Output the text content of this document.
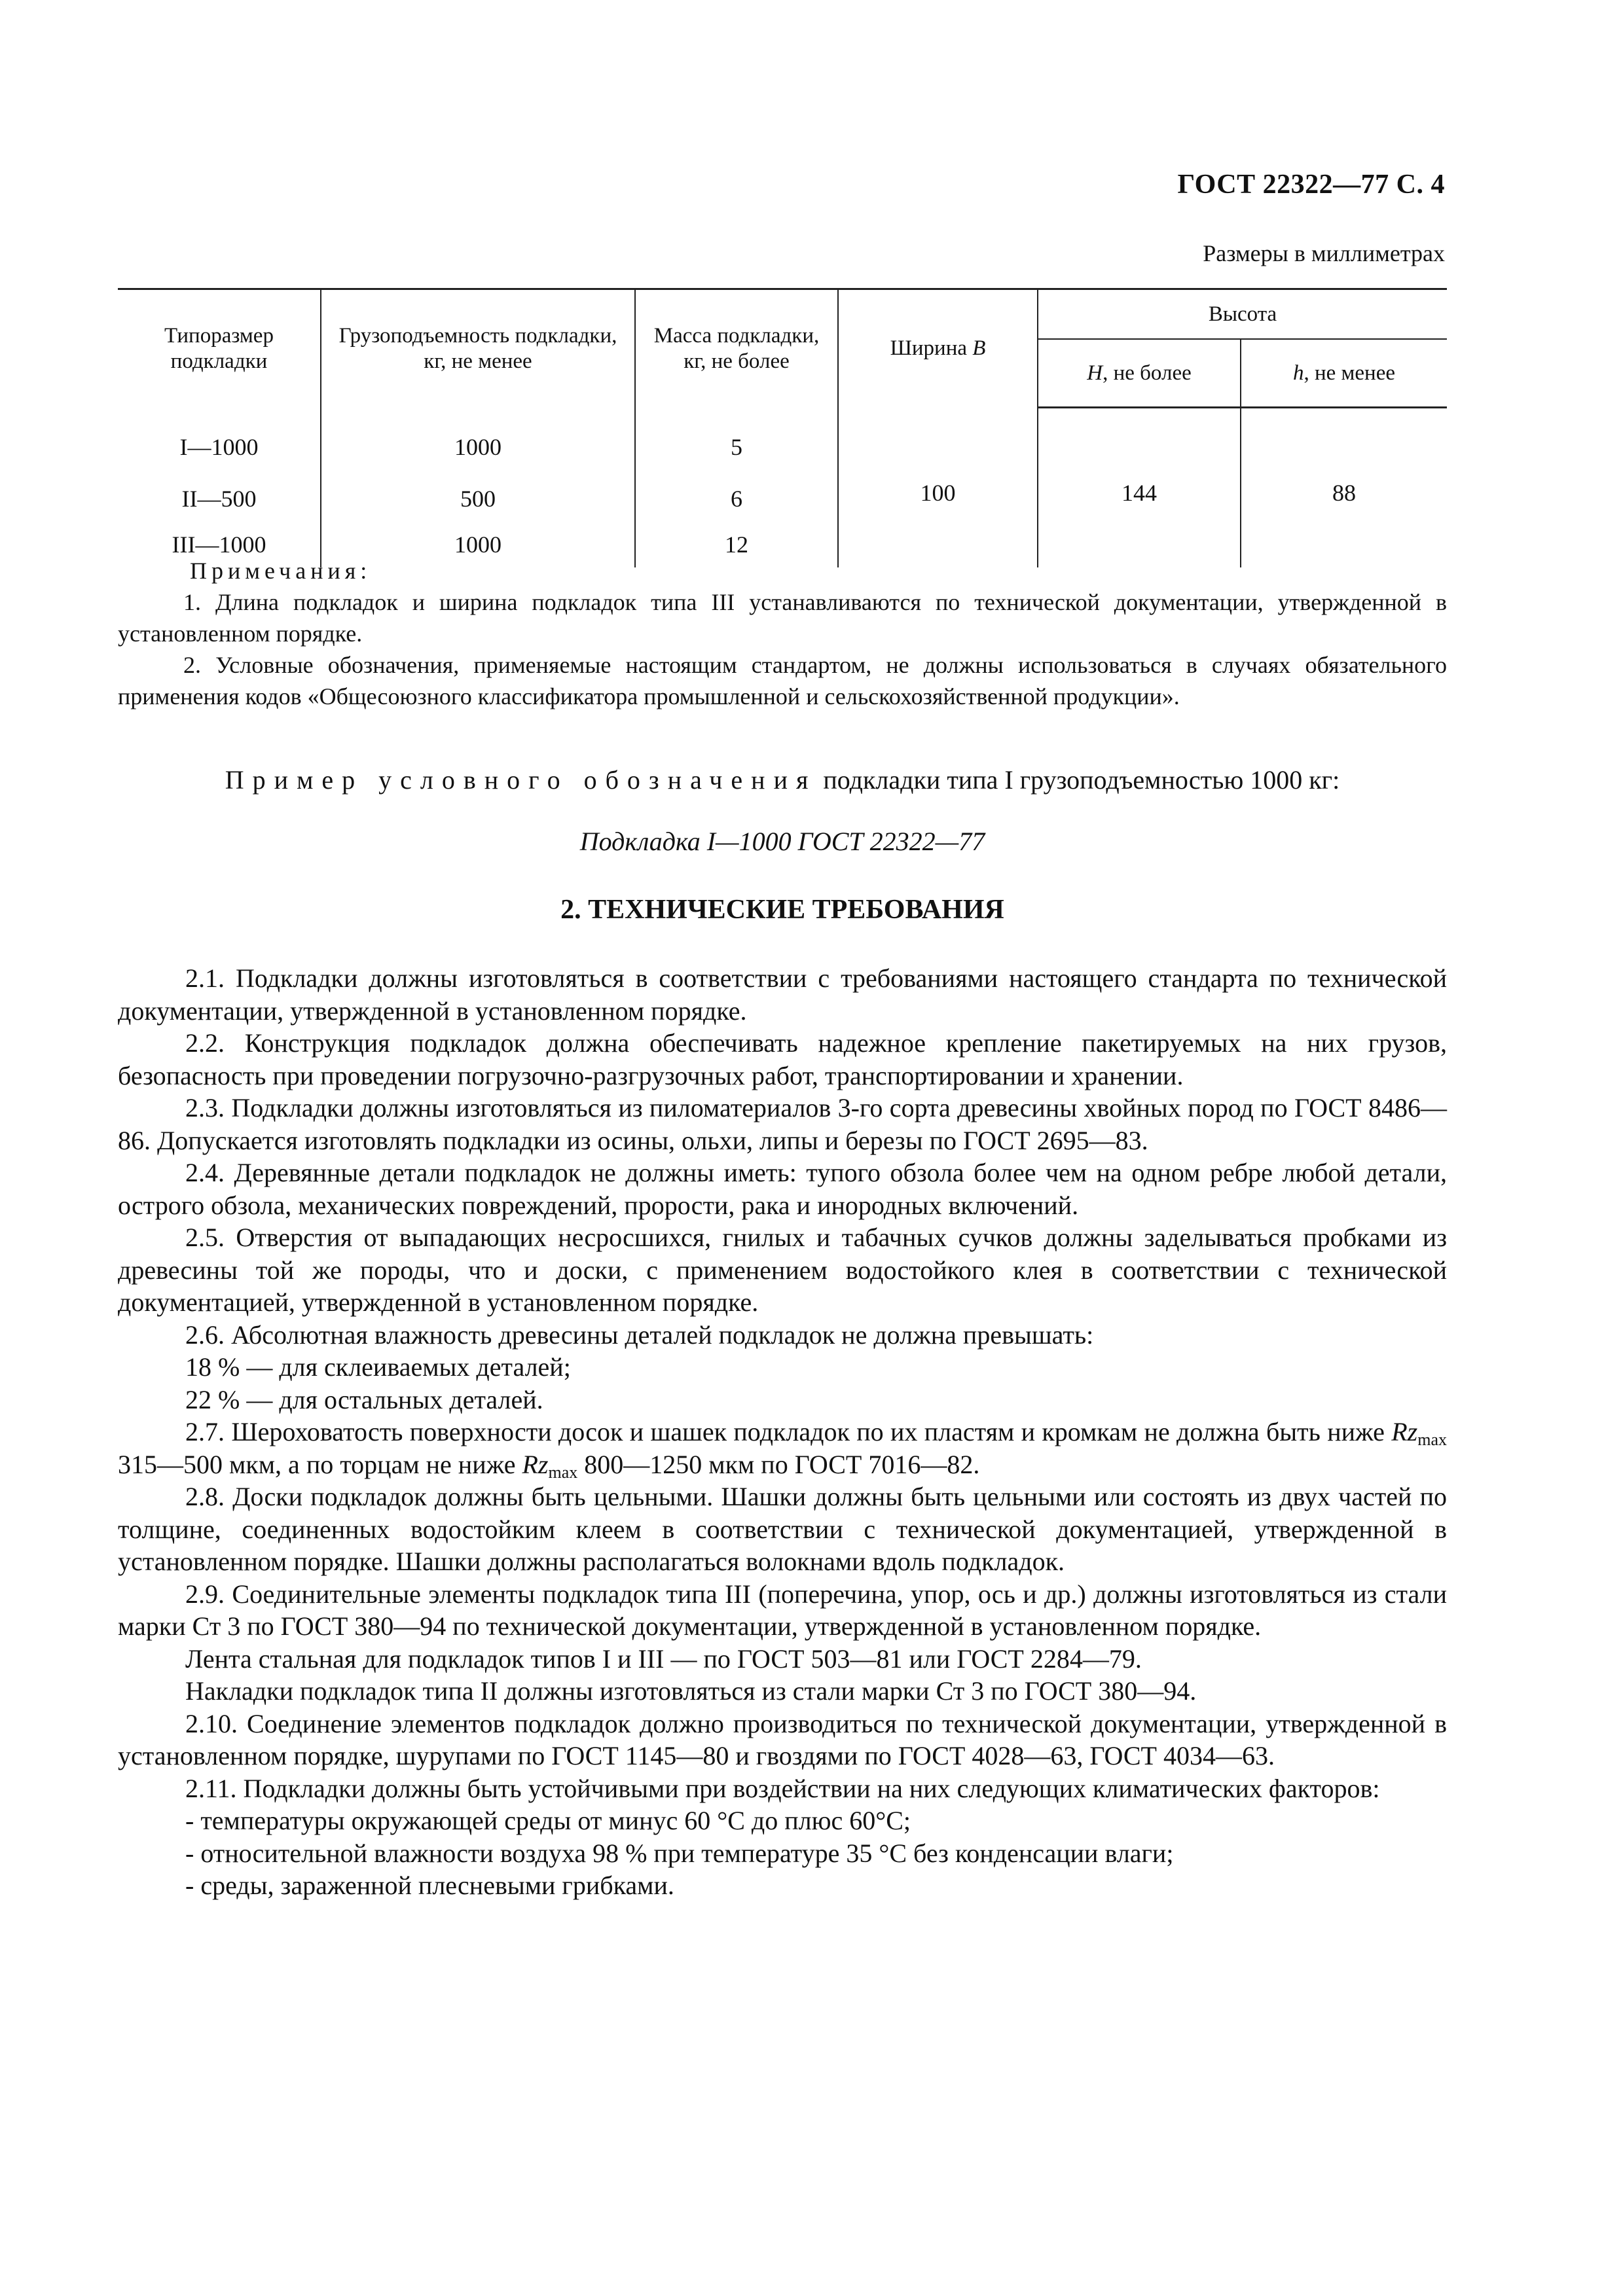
ГОСТ 22322—77 С. 4
Размеры в миллиметрах
Типоразмер подкладки	Грузоподъемность подкладки, кг, не менее	Масса подкладки, кг, не более	Ширина B	Высота	
				H, не более	h, не менее
I—1000	1000	5	100	144	88
II—500	500	6			
III—1000	1000	12			
Примечания:

1. Длина подкладок и ширина подкладок типа III устанавливаются по технической документации, утвержденной в установленном порядке.

2. Условные обозначения, применяемые настоящим стандартом, не должны использоваться в случаях обязательного применения кодов «Общесоюзного классификатора промышленной и сельскохозяйственной продукции».

Пример условного обозначения подкладки типа I грузоподъемностью 1000 кг:
Подкладка I—1000 ГОСТ 22322—77
2. ТЕХНИЧЕСКИЕ ТРЕБОВАНИЯ

2.1. Подкладки должны изготовляться в соответствии с требованиями настоящего стандарта по технической документации, утвержденной в установленном порядке.

2.2. Конструкция подкладок должна обеспечивать надежное крепление пакетируемых на них грузов, безопасность при проведении погрузочно-разгрузочных работ, транспортировании и хранении.

2.3. Подкладки должны изготовляться из пиломатериалов 3-го сорта древесины хвойных пород по ГОСТ 8486—86. Допускается изготовлять подкладки из осины, ольхи, липы и березы по ГОСТ 2695—83.

2.4. Деревянные детали подкладок не должны иметь: тупого обзола более чем на одном ребре любой детали, острого обзола, механических повреждений, прорости, рака и инородных включений.

2.5. Отверстия от выпадающих несросшихся, гнилых и табачных сучков должны заделываться пробками из древесины той же породы, что и доски, с применением водостойкого клея в соответствии с технической документацией, утвержденной в установленном порядке.

2.6. Абсолютная влажность древесины деталей подкладок не должна превышать:

18 % — для склеиваемых деталей;

22 % — для остальных деталей.

2.7. Шероховатость поверхности досок и шашек подкладок по их пластям и кромкам не должна быть ниже $Rz_{max}$ 315—500 мкм, а по торцам не ниже $Rz_{max}$ 800—1250 мкм по ГОСТ 7016—82.

2.8. Доски подкладок должны быть цельными. Шашки должны быть цельными или состоять из двух частей по толщине, соединенных водостойким клеем в соответствии с технической документацией, утвержденной в установленном порядке. Шашки должны располагаться волокнами вдоль подкладок.

2.9. Соединительные элементы подкладок типа III (поперечина, упор, ось и др.) должны изготовляться из стали марки Ст 3 по ГОСТ 380—94 по технической документации, утвержденной в установленном порядке.

Лента стальная для подкладок типов I и III — по ГОСТ 503—81 или ГОСТ 2284—79.

Накладки подкладок типа II должны изготовляться из стали марки Ст 3 по ГОСТ 380—94.

2.10. Соединение элементов подкладок должно производиться по технической документации, утвержденной в установленном порядке, шурупами по ГОСТ 1145—80 и гвоздями по ГОСТ 4028—63, ГОСТ 4034—63.

2.11. Подкладки должны быть устойчивыми при воздействии на них следующих климатических факторов:

- температуры окружающей среды от минус 60 °С до плюс 60°С;

- относительной влажности воздуха 98 % при температуре 35 °С без конденсации влаги;

- среды, зараженной плесневыми грибками.
